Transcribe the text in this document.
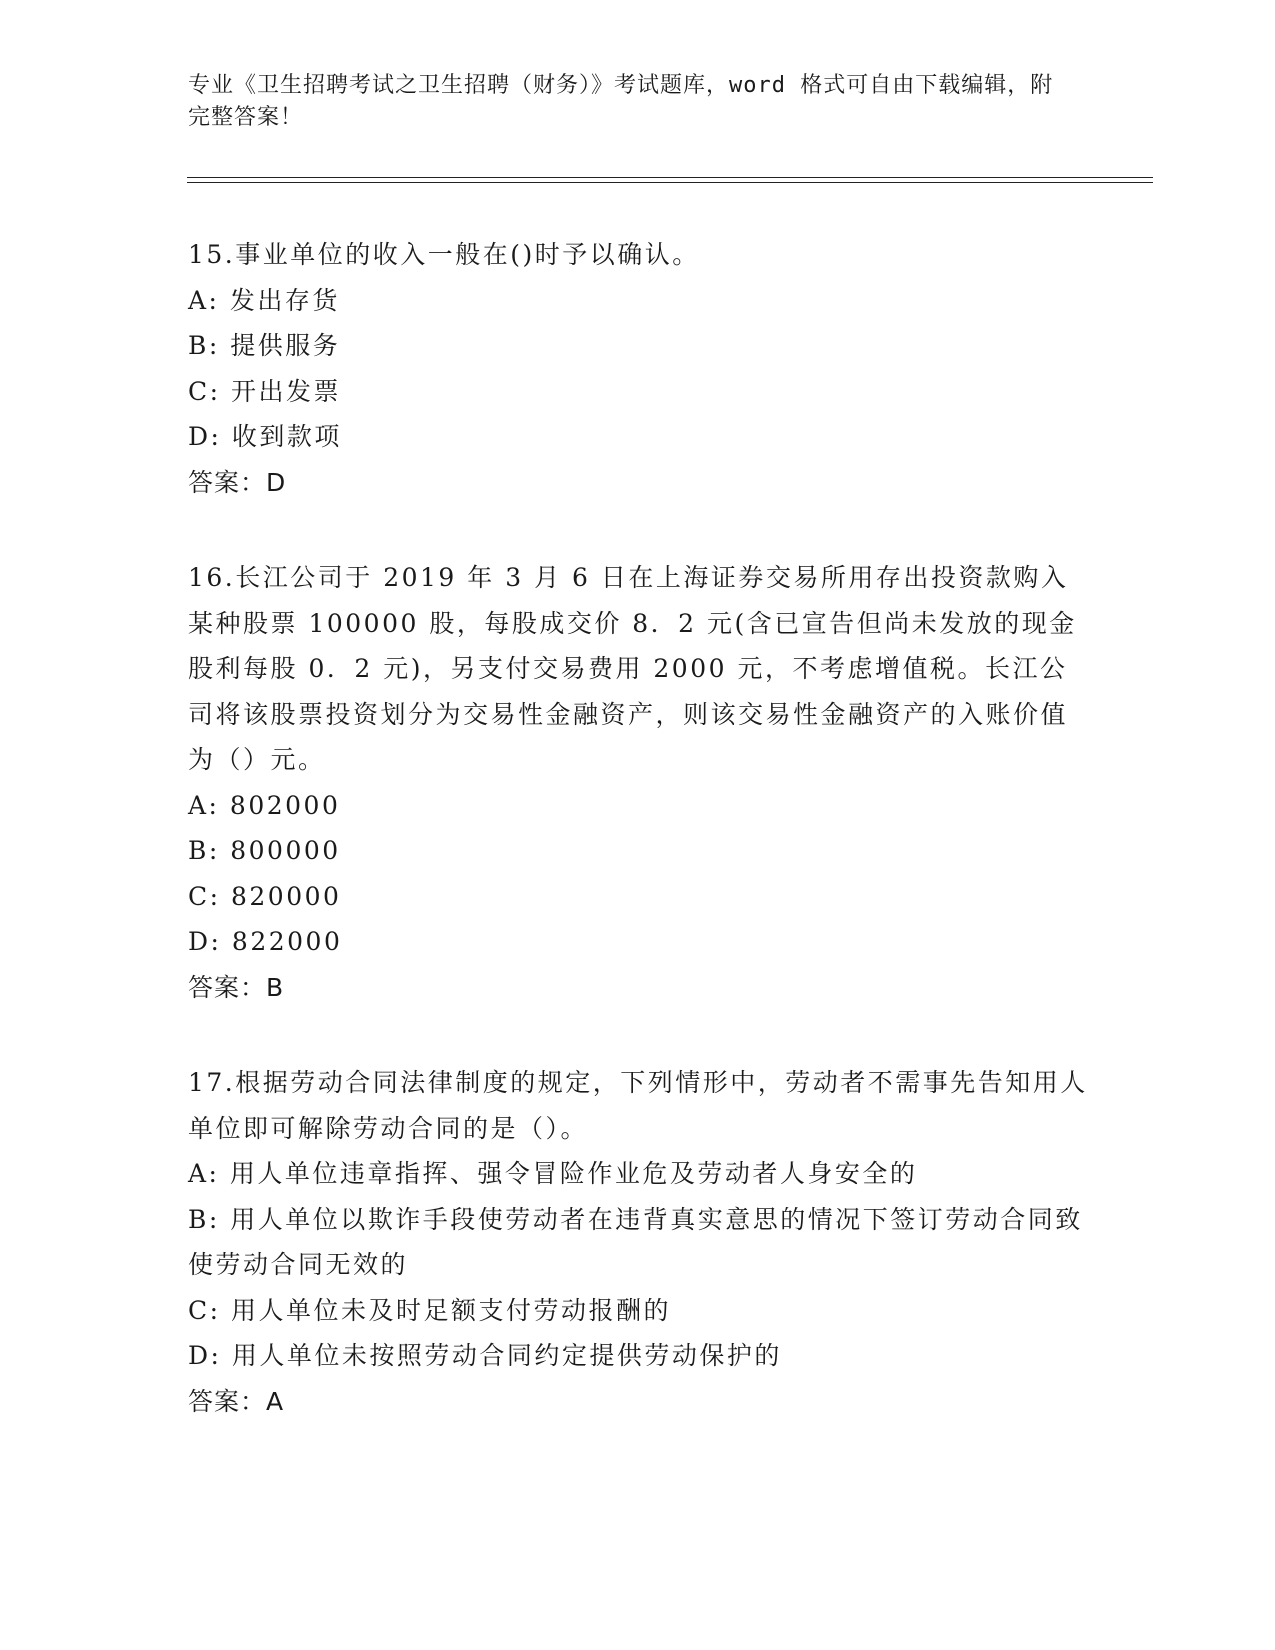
专业《卫生招聘考试之卫生招聘（财务）》考试题库，word 格式可自由下载编辑，附完整答案！
15.事业单位的收入一般在()时予以确认。
A: 发出存货
B: 提供服务
C: 开出发票
D: 收到款项
答案：D
16.长江公司于 2019 年 3 月 6 日在上海证券交易所用存出投资款购入某种股票 100000 股，每股成交价 8．2 元(含已宣告但尚未发放的现金股利每股 0．2 元)，另支付交易费用 2000 元，不考虑增值税。长江公司将该股票投资划分为交易性金融资产，则该交易性金融资产的入账价值为（）元。
A: 802000
B: 800000
C: 820000
D: 822000
答案：B
17.根据劳动合同法律制度的规定，下列情形中，劳动者不需事先告知用人单位即可解除劳动合同的是（）。
A: 用人单位违章指挥、强令冒险作业危及劳动者人身安全的
B: 用人单位以欺诈手段使劳动者在违背真实意思的情况下签订劳动合同致使劳动合同无效的
C: 用人单位未及时足额支付劳动报酬的
D: 用人单位未按照劳动合同约定提供劳动保护的
答案：A
